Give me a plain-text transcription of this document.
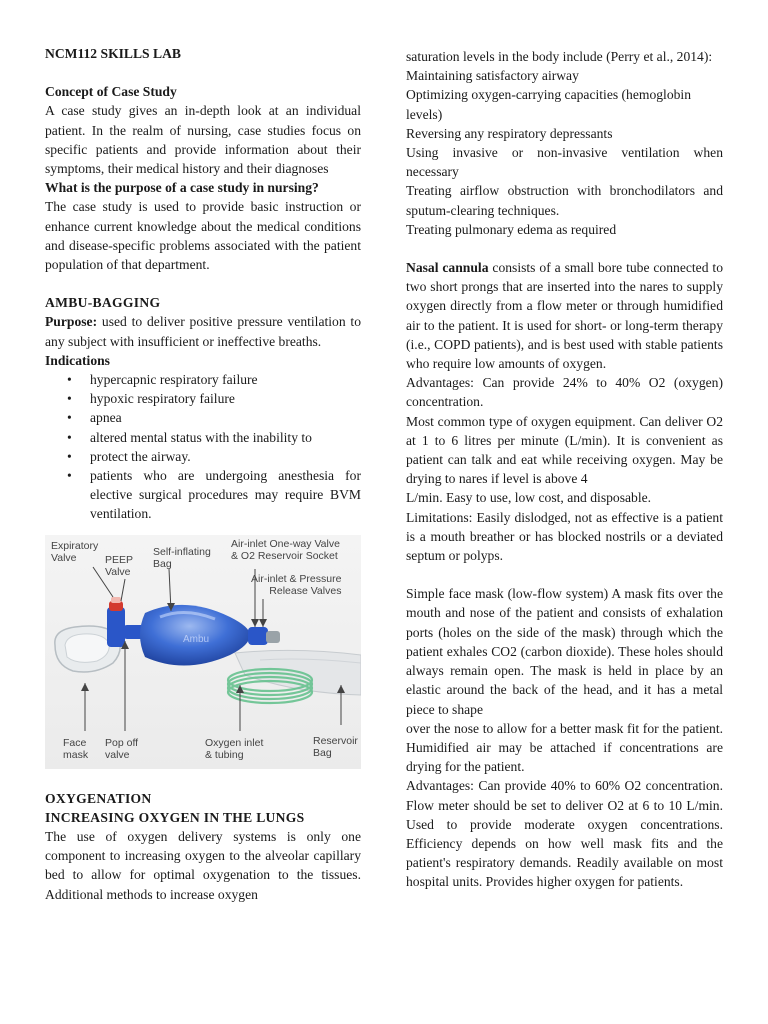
NCM112 SKILLS LAB

Concept of Case Study

A case study gives an in-depth look at an individual patient. In the realm of nursing, case studies focus on specific patients and provide information about their symptoms, their medical history and their diagnoses

What is the purpose of a case study in nursing?

The case study is used to provide basic instruction or enhance current knowledge about the medical conditions and disease-specific problems associated with the patient population of that department.

AMBU-BAGGING

Purpose: used to deliver positive pressure ventilation to any subject with insufficient or ineffective breaths.

Indications

• hypercapnic respiratory failure
• hypoxic respiratory failure
• apnea
• altered mental status with the inability to
• protect the airway.
• patients who are undergoing anesthesia for elective surgical procedures may require BVM ventilation.
Ambu
Expiratory
Valve	PEEP
Valve
Self-inflating
Bag
Air-inlet One-way Valve
& O2 Reservoir Socket
Air-inlet & Pressure
Release Valves
Face
mask
Pop off
valve
Oxygen inlet
& tubing
Reservoir
Bag

OXYGENATION

INCREASING OXYGEN IN THE LUNGS

The use of oxygen delivery systems is only one component to increasing oxygen to the alveolar capillary bed to allow for optimal oxygenation to the tissues. Additional methods to increase oxygen

saturation levels in the body include (Perry et al., 2014):

Maintaining satisfactory airway

Optimizing oxygen-carrying capacities (hemoglobin levels)

Reversing any respiratory depressants

Using invasive or non-invasive ventilation when necessary

Treating airflow obstruction with bronchodilators and sputum-clearing techniques.

Treating pulmonary edema as required

Nasal cannula consists of a small bore tube connected to two short prongs that are inserted into the nares to supply oxygen directly from a flow meter or through humidified air to the patient. It is used for short- or long-term therapy (i.e., COPD patients), and is best used with stable patients who require low amounts of oxygen.

Advantages: Can provide 24% to 40% O2 (oxygen) concentration.

Most common type of oxygen equipment. Can deliver O2 at 1 to 6 litres per minute (L/min). It is convenient as patient can talk and eat while receiving oxygen. May be drying to nares if level is above 4

L/min. Easy to use, low cost, and disposable.

Limitations: Easily dislodged, not as effective is a patient is a mouth breather or has blocked nostrils or a deviated septum or polyps.

Simple face mask (low-flow system) A mask fits over the mouth and nose of the patient and consists of exhalation ports (holes on the side of the mask) through which the patient exhales CO2 (carbon dioxide). These holes should always remain open. The mask is held in place by an elastic around the back of the head, and it has a metal piece to shape

over the nose to allow for a better mask fit for the patient. Humidified air may be attached if concentrations are drying for the patient.

Advantages: Can provide 40% to 60% O2 concentration. Flow meter should be set to deliver O2 at 6 to 10 L/min. Used to provide moderate oxygen concentrations. Efficiency depends on how well mask fits and the patient's respiratory demands. Readily available on most hospital units. Provides higher oxygen for patients.
